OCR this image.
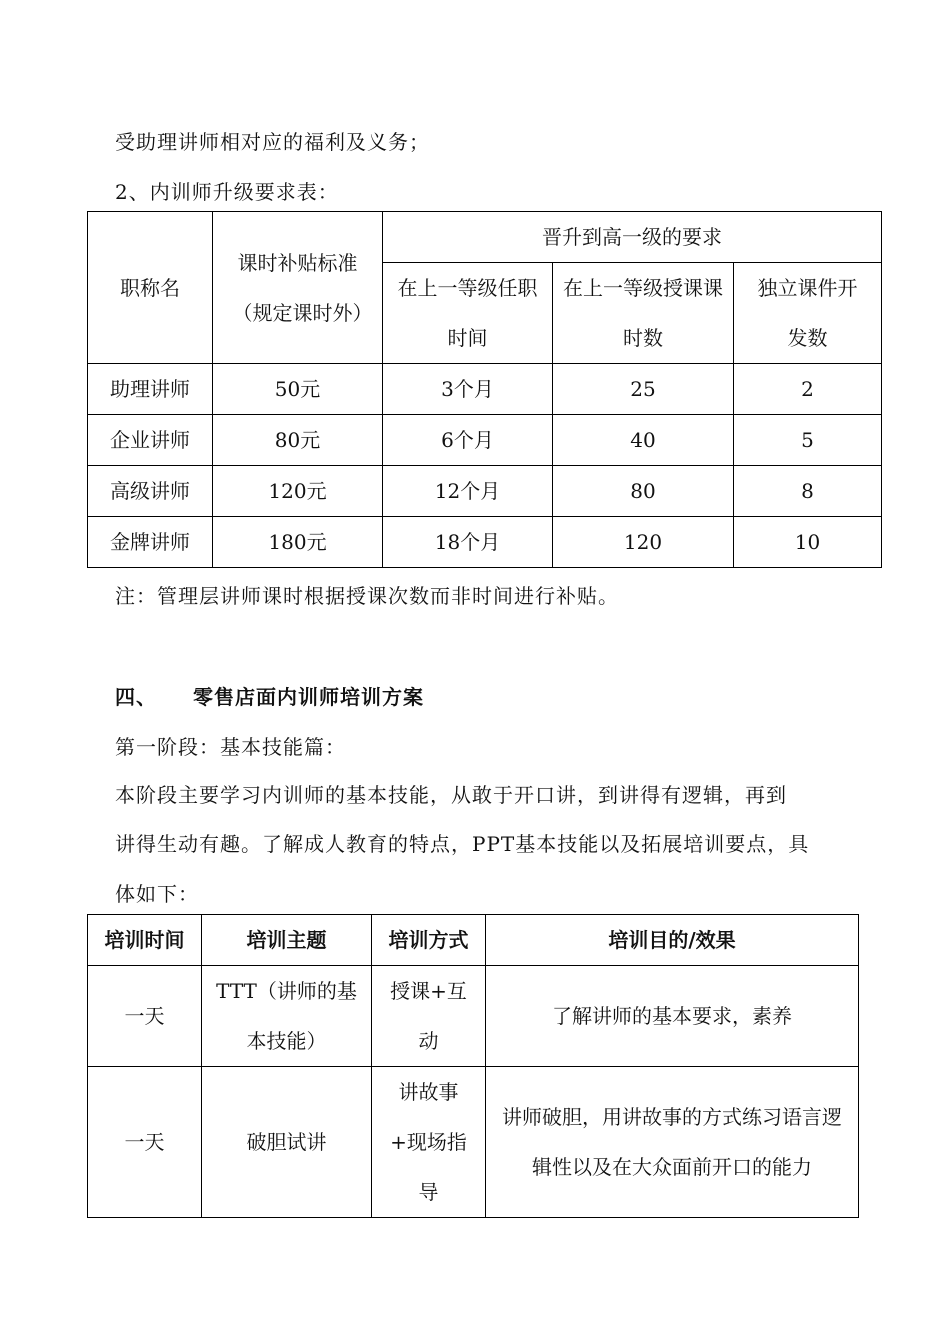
受助理讲师相对应的福利及义务；
2、内训师升级要求表：
职称名	课时补贴标准（规定课时外）	晋升到高一级的要求		
		在上一等级任职时间	在上一等级授课课时数	独立课件开发数

助理讲师	50元	3个月	25	2
企业讲师	80元	6个月	40	5
高级讲师	120元	12个月	80	8
金牌讲师	180元	18个月	120	10
注：管理层讲师课时根据授课次数而非时间进行补贴。
四、 零售店面内训师培训方案
第一阶段：基本技能篇：
本阶段主要学习内训师的基本技能，从敢于开口讲，到讲得有逻辑，再到
讲得生动有趣。了解成人教育的特点，PPT基本技能以及拓展培训要点，具
体如下：
培训时间	培训主题	培训方式	培训目的/效果
一天	TTT（讲师的基本技能）	授课+互动	了解讲师的基本要求，素养
一天	破胆试讲	讲故事+现场指导	讲师破胆，用讲故事的方式练习语言逻辑性以及在大众面前开口的能力
